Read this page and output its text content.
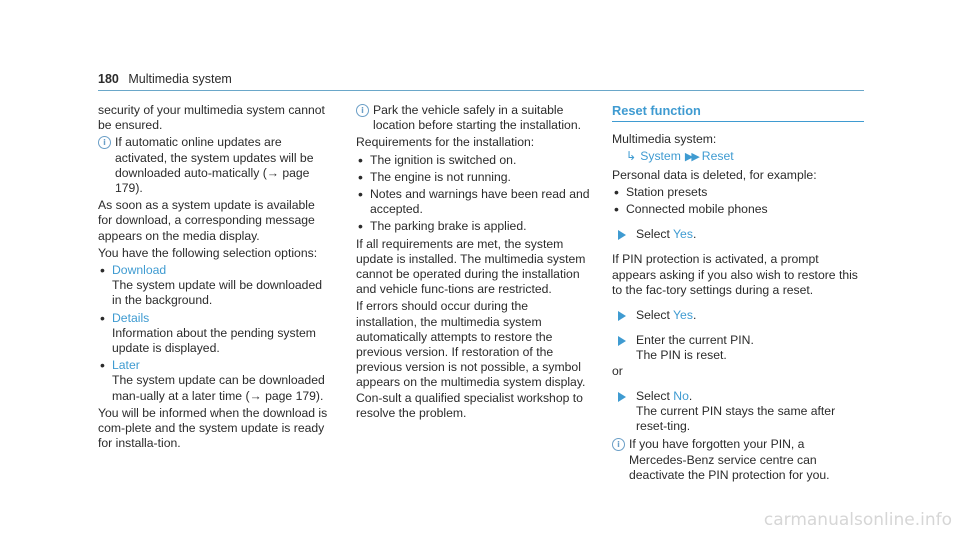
180 Multimedia system
security of your multimedia system cannot be ensured.
i If automatic online updates are activated, the system updates will be downloaded auto-matically (→ page 179).
As soon as a system update is available for download, a corresponding message appears on the media display.
You have the following selection options:
• Download
The system update will be downloaded in the background.
• Details
Information about the pending system update is displayed.
• Later
The system update can be downloaded man-ually at a later time (→ page 179).
You will be informed when the download is com-plete and the system update is ready for installa-tion.
i Park the vehicle safely in a suitable location before starting the installation.
Requirements for the installation:
• The ignition is switched on.
• The engine is not running.
• Notes and warnings have been read and accepted.
• The parking brake is applied.
If all requirements are met, the system update is installed. The multimedia system cannot be operated during the installation and vehicle func-tions are restricted.
If errors should occur during the installation, the multimedia system automatically attempts to restore the previous version. If restoration of the previous version is not possible, a symbol appears on the multimedia system display. Con-sult a qualified specialist workshop to resolve the problem.
Reset function
Multimedia system:
↳ System ▶▶ Reset
Personal data is deleted, for example:
• Station presets
• Connected mobile phones
Select Yes.
If PIN protection is activated, a prompt appears asking if you also wish to restore this to the fac-tory settings during a reset.
Select Yes.
Enter the current PIN.
The PIN is reset.
or
Select No.
The current PIN stays the same after reset-ting.
i If you have forgotten your PIN, a Mercedes-Benz service centre can deactivate the PIN protection for you.
carmanualsonline.info
